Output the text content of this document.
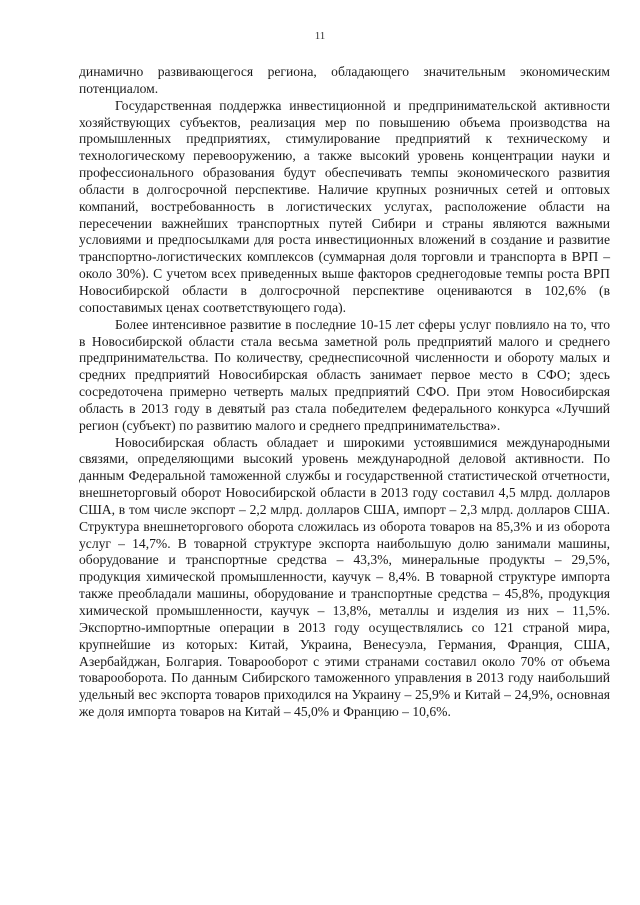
11

динамично развивающегося региона, обладающего значительным экономическим потенциалом.

Государственная поддержка инвестиционной и предпринимательской активности хозяйствующих субъектов, реализация мер по повышению объема производства на промышленных предприятиях, стимулирование предприятий к техническому и технологическому перевооружению, а также высокий уровень концентрации науки и профессионального образования будут обеспечивать темпы экономического развития области в долгосрочной перспективе. Наличие крупных розничных сетей и оптовых компаний, востребованность в логистических услугах, расположение области на пересечении важнейших транспортных путей Сибири и страны являются важными условиями и предпосылками для роста инвестиционных вложений в создание и развитие транспортно-логистических комплексов (суммарная доля торговли и транспорта в ВРП – около 30%). С учетом всех приведенных выше факторов среднегодовые темпы роста ВРП Новосибирской области в долгосрочной перспективе оцениваются в 102,6% (в сопоставимых ценах соответствующего года).

Более интенсивное развитие в последние 10-15 лет сферы услуг повлияло на то, что в Новосибирской области стала весьма заметной роль предприятий малого и среднего предпринимательства. По количеству, среднесписочной численности и обороту малых и средних предприятий Новосибирская область занимает первое место в СФО; здесь сосредоточена примерно четверть малых предприятий СФО. При этом Новосибирская область в 2013 году в девятый раз стала победителем федерального конкурса «Лучший регион (субъект) по развитию малого и среднего предпринимательства».

Новосибирская область обладает и широкими устоявшимися международными связями, определяющими высокий уровень международной деловой активности. По данным Федеральной таможенной службы и государственной статистической отчетности, внешнеторговый оборот Новосибирской области в 2013 году составил 4,5 млрд. долларов США, в том числе экспорт – 2,2 млрд. долларов США, импорт – 2,3 млрд. долларов США. Структура внешнеторгового оборота сложилась из оборота товаров на 85,3% и из оборота услуг – 14,7%. В товарной структуре экспорта наибольшую долю занимали машины, оборудование и транспортные средства – 43,3%, минеральные продукты – 29,5%, продукция химической промышленности, каучук – 8,4%. В товарной структуре импорта также преобладали машины, оборудование и транспортные средства – 45,8%, продукция химической промышленности, каучук – 13,8%, металлы и изделия из них – 11,5%. Экспортно-импортные операции в 2013 году осуществлялись со 121 страной мира, крупнейшие из которых: Китай, Украина, Венесуэла, Германия, Франция, США, Азербайджан, Болгария. Товарооборот с этими странами составил около 70% от объема товарооборота. По данным Сибирского таможенного управления в 2013 году наибольший удельный вес экспорта товаров приходился на Украину – 25,9% и Китай – 24,9%, основная же доля импорта товаров на Китай – 45,0% и Францию – 10,6%.
